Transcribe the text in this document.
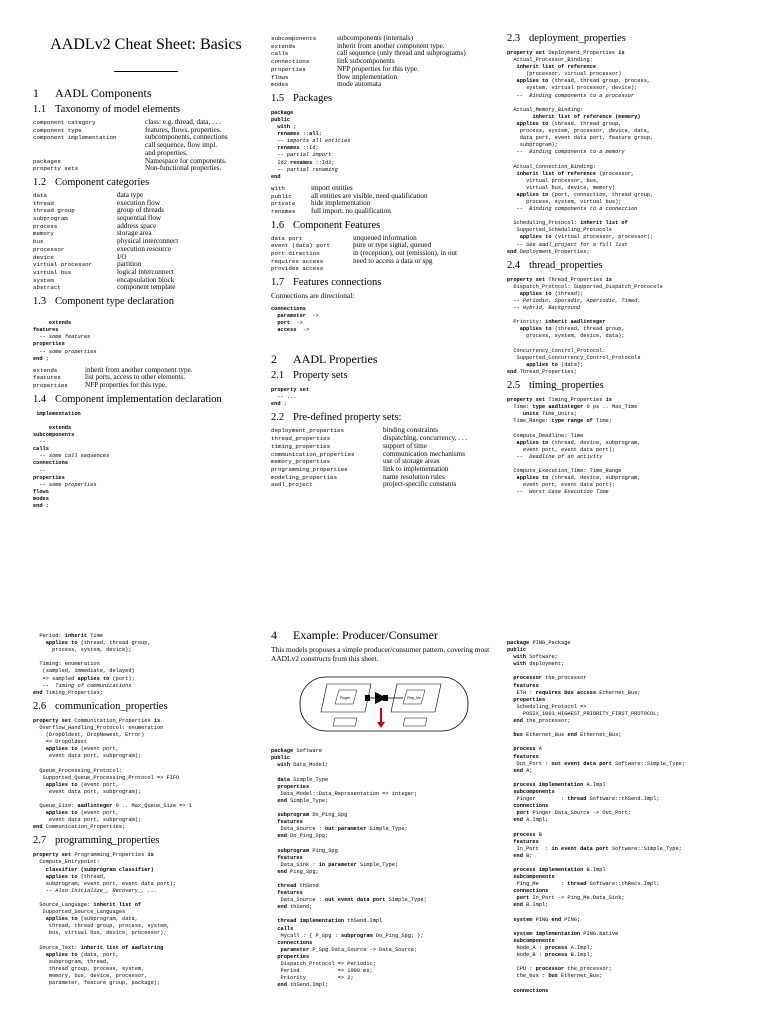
AADLv2 Cheat Sheet: Basics
1 AADL Components
1.1 Taxonomy of model elements
component category	class: e.g. thread, data, . . .
component type	features, flows, properties.
component implementation	subcomponents, connections
	call sequence, flow impl.
	and properties.
packages	Namespace for components.
property sets	Non-functional properties.
1.2 Component categories
data	data type
thread	execution flow
thread group	group of threads
subprogram	sequential flow
process	address space
memory	storage area
bus	physical interconnect
processor	execution resource
device	I/O
virtual processor	partition
virtual bus	logical interconnect
system	encapsulation block
abstract	component template
1.3 Component type declaration

extends
features
-- some features
properties
-- some properties
end ;
extends	inherit from another component type.
features	list ports, access to other elements.
properties	NFP properties for this type.
1.4 Component implementation declaration
implementation

extends
subcomponents
--
calls
-- some call sequences
connections
--
properties
-- some properties
flows
modes
end ;
subcomponents	subcomponents (internals)
extends	inherit from another component type.
calls	call sequence (only thread and subprograms)
connections	link subcomponents
properties	NFP properties for this type.
flows	flow implementation
modes	mode automata
1.5 Packages
package
public
with ;
renames ::all;
-- imports all entities
renames ::Id;
-- partial import
Id2 renames ::Id2;
-- partial renaming
end
with	import entities
public	all entities are visible, need qualification
private	hide implementation
renames	full import, no qualification
1.6 Component Features
data port	unqueued information
event (data) port	pure or type signal, queued
port direction	in (reception), out (emission), in out
requires access	need to access a data or spg
provides access	
1.7 Features connections

Connections are directional:

connections
parameter  ->
port  ->
access  ->
2 AADL Properties
2.1 Property sets
property set
-- ...
end ;
2.2 Pre-defined property sets:
deployment_properties	binding constraints
thread_properties	dispatching, concurrency, . . .
timing_properties	support of time
communication_properties	communication mechanisms
memory_properties	use of storage areas
programming_properties	link to implementation
modeling_properties	name resolution rules
aadl_project	project-specific constants
2.3 deployment_properties
property set Deployment_Properties is
Actual_Processor_Binding:
inherit list of reference
(processor, virtual processor)
applies to (thread, thread group, process,
system, virtual processor, device);
--  Binding components to a processor

Actual_Memory_Binding:
inherit list of reference (memory)
applies to (thread, thread group,
process, system, processor, device, data,
data port, event data port, feature group,
subprogram);
--  Binding components to a memory

Actual_Connection_Binding:
inherit list of reference (processor,
virtual processor, bus,
virtual bus, device, memory)
applies to (port, connection, thread group,
process, system, virtual bus);
--  Binding components to a connection

Scheduling_Protocol: inherit list of
Supported_Scheduling_Protocols
applies to (virtual processor, processor);
-- See aadl_project for a full list
end Deployment_Properties;
2.4 thread_properties
property set Thread_Properties is
Dispatch_Protocol: Supported_Dispatch_Protocols
applies to (thread);
-- Periodic, Sporadic, Aperiodic, Timed,
-- Hybrid, Background

Priority: inherit aadlinteger
applies to (thread, thread group,
process, system, device, data);

Concurrency_Control_Protocol:
Supported_Concurrency_Control_Protocols
applies to (data);
end Thread_Properties;
2.5 timing_properties
property set Timing_Properties is
Time: type aadlinteger 0 ps .. Max_Time
units Time_Units;
Time_Range: type range of Time;

Compute_Deadline: Time
applies to (thread, device, subprogram,
event port, event data port);
--  Deadline of an activity

Compute_Execution_Time: Time_Range
applies to (thread, device, subprogram,
event port, event data port);
--  Worst Case Execution Time
Period: inherit Time
applies to (thread, thread group,
process, system, device);

Timing: enumeration
(sampled, immediate, delayed)
=> sampled applies to (port);
--  Timing of communications
end Timing_Properties;
2.6 communication_properties
property set Communication_Properties is
Overflow_Handling_Protocol: enumeration
(DropOldest, DropNewest, Error)
=> DropOldest
applies to (event port,
event data port, subprogram);

Queue_Processing_Protocol:
Supported_Queue_Processing_Protocol => FIFO
applies to (event port,
event data port, subprogram);

Queue_Size: aadlinteger 0 .. Max_Queue_Size => 1
applies to (event port,
event data port, subprogram);
end Communication_Properties;
2.7 programming_properties
property set Programming_Properties is
Compute_Entrypoint:
classifier (subprogram classifier)
applies to (thread,
subprogram, event port, event data port);
-- Also Initialize_, Recovery_, ...

Source_Language: inherit list of
Supported_Source_Languages
applies to (subprogram, data,
thread, thread group, process, system,
bus, virtual bus, device, processor);

Source_Text: inherit list of aadlstring
applies to (data, port,
subprogram, thread,
thread group, process, system,
memory, bus, device, processor,
parameter, feature group, package);
4 Example: Producer/Consumer

This models proposes a simple producer/consumer pattern, covering most AADLv2 constructs from this sheet.

Pinger	Ping_Me
package Software
public
with Data_Model;

data Simple_Type
properties
Data_Model::Data_Representation => integer;
end Simple_Type;

subprogram Do_Ping_Spg
features
Data_Source : out parameter Simple_Type;
end Do_Ping_Spg;

subprogram Ping_Spg
features
Data_Sink : in parameter Simple_Type;
end Ping_Spg;

thread thSend
features
Data_Source : out event data port Simple_Type;
end thSend;

thread implementation thSend.Impl
calls
Mycall : { P_Spg : subprogram Do_Ping_Spg; };
connections
parameter P_Spg.Data_Source -> Data_Source;
properties
Dispatch_Protocol => Periodic;
Period            => 1000 ms;
Priority          => 2;
end thSend.Impl;
package PING_Package
public
with Software;
with deployment;

processor the_processor
features
ETH : requires bus access Ethernet_Bus;
properties
Scheduling_Protocol =>
POSIX_1003_HIGHEST_PRIORITY_FIRST_PROTOCOL;
end the_processor;

bus Ethernet_Bus end Ethernet_Bus;

process A
features
Out_Port : out event data port Software::Simple_Type;
end A;

process implementation A.Impl
subcomponents
Pinger        : thread Software::thSend.Impl;
connections
port Pinger.Data_Source -> Out_Port;
end A.Impl;

process B
features
In_Port  : in event data port Software::Simple_Type;
end B;

process implementation B.Impl
subcomponents
Ping_Me       : thread Software::thRecv.Impl;
connections
port In_Port -> Ping_Me.Data_Sink;
end B.Impl;

system PING end PING;

system implementation PING.Native
subcomponents
Node_A : process A.Impl;
Node_B : process B.Impl;

CPU : processor the_processor;
the_bus : bus Ethernet_Bus;

connections
